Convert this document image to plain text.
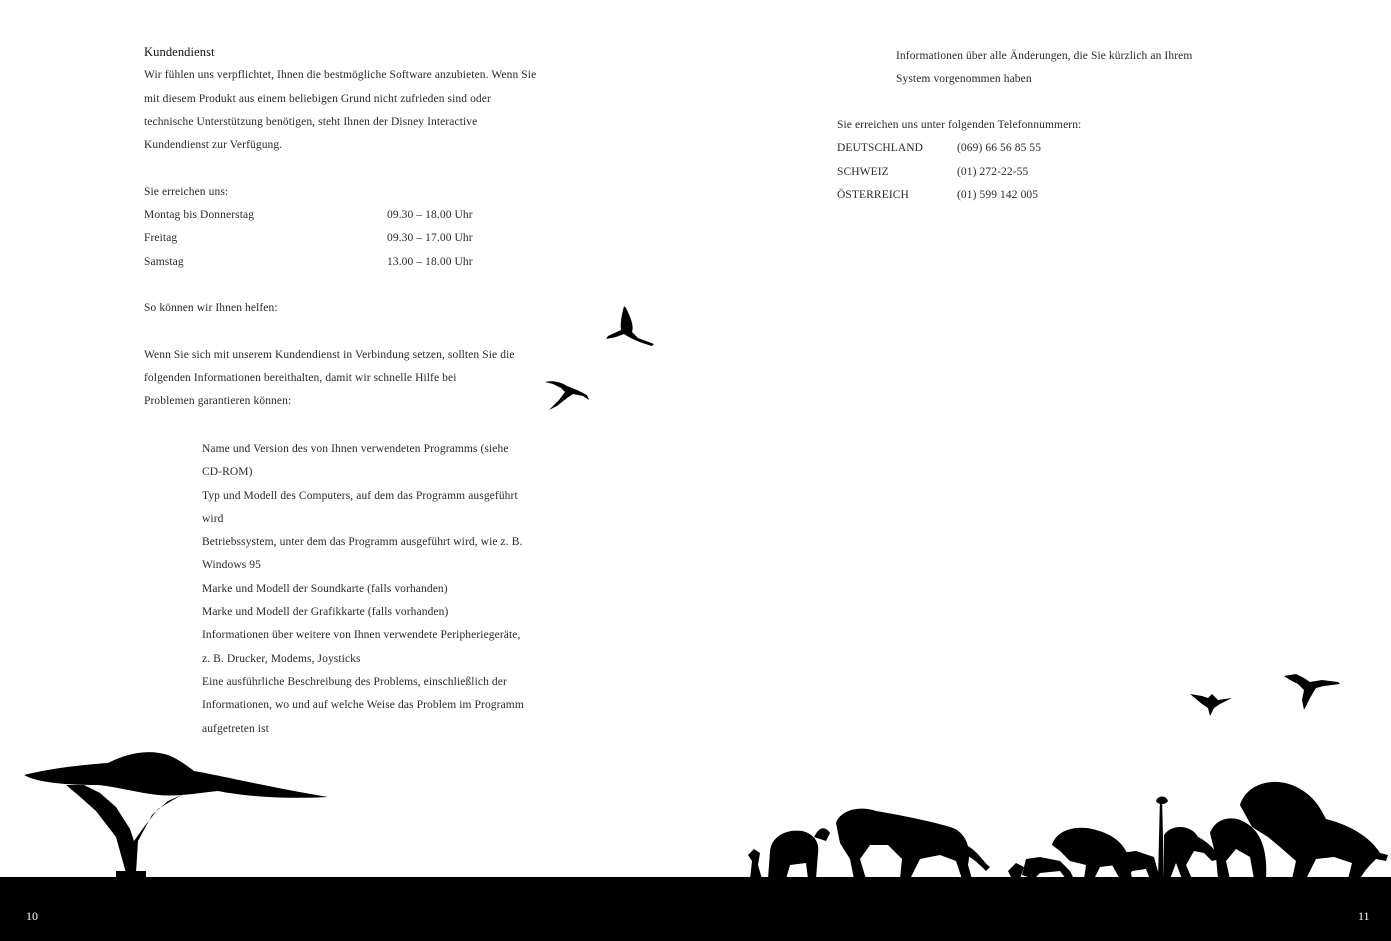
Kundendienst
Wir fühlen uns verpflichtet, Ihnen die bestmögliche Software anzubieten. Wenn Sie
mit diesem Produkt aus einem beliebigen Grund nicht zufrieden sind oder
technische Unterstützung benötigen, steht Ihnen der Disney Interactive
Kundendienst zur Verfügung.
Sie erreichen uns:
Montag bis Donnerstag	09.30 – 18.00 Uhr
Freitag	09.30 – 17.00 Uhr
Samstag	13.00 – 18.00 Uhr
So können wir Ihnen helfen:
Wenn Sie sich mit unserem Kundendienst in Verbindung setzen, sollten Sie die
folgenden Informationen bereithalten, damit wir schnelle Hilfe bei
Problemen garantieren können:
Name und Version des von Ihnen verwendeten Programms (siehe
CD-ROM)
Typ und Modell des Computers, auf dem das Programm ausgeführt
wird
Betriebssystem, unter dem das Programm ausgeführt wird, wie z. B.
Windows 95
Marke und Modell der Soundkarte (falls vorhanden)
Marke und Modell der Grafikkarte (falls vorhanden)
Informationen über weitere von Ihnen verwendete Peripheriegeräte,
z. B. Drucker, Modems, Joysticks
Eine ausführliche Beschreibung des Problems, einschließlich der
Informationen, wo und auf welche Weise das Problem im Programm
aufgetreten ist
Informationen über alle Änderungen, die Sie kürzlich an Ihrem
System vorgenommen haben
Sie erreichen uns unter folgenden Telefonnummern:
DEUTSCHLAND	(069) 66 56 85 55
SCHWEIZ	(01) 272-22-55
ÖSTERREICH	(01) 599 142 005
10	11
